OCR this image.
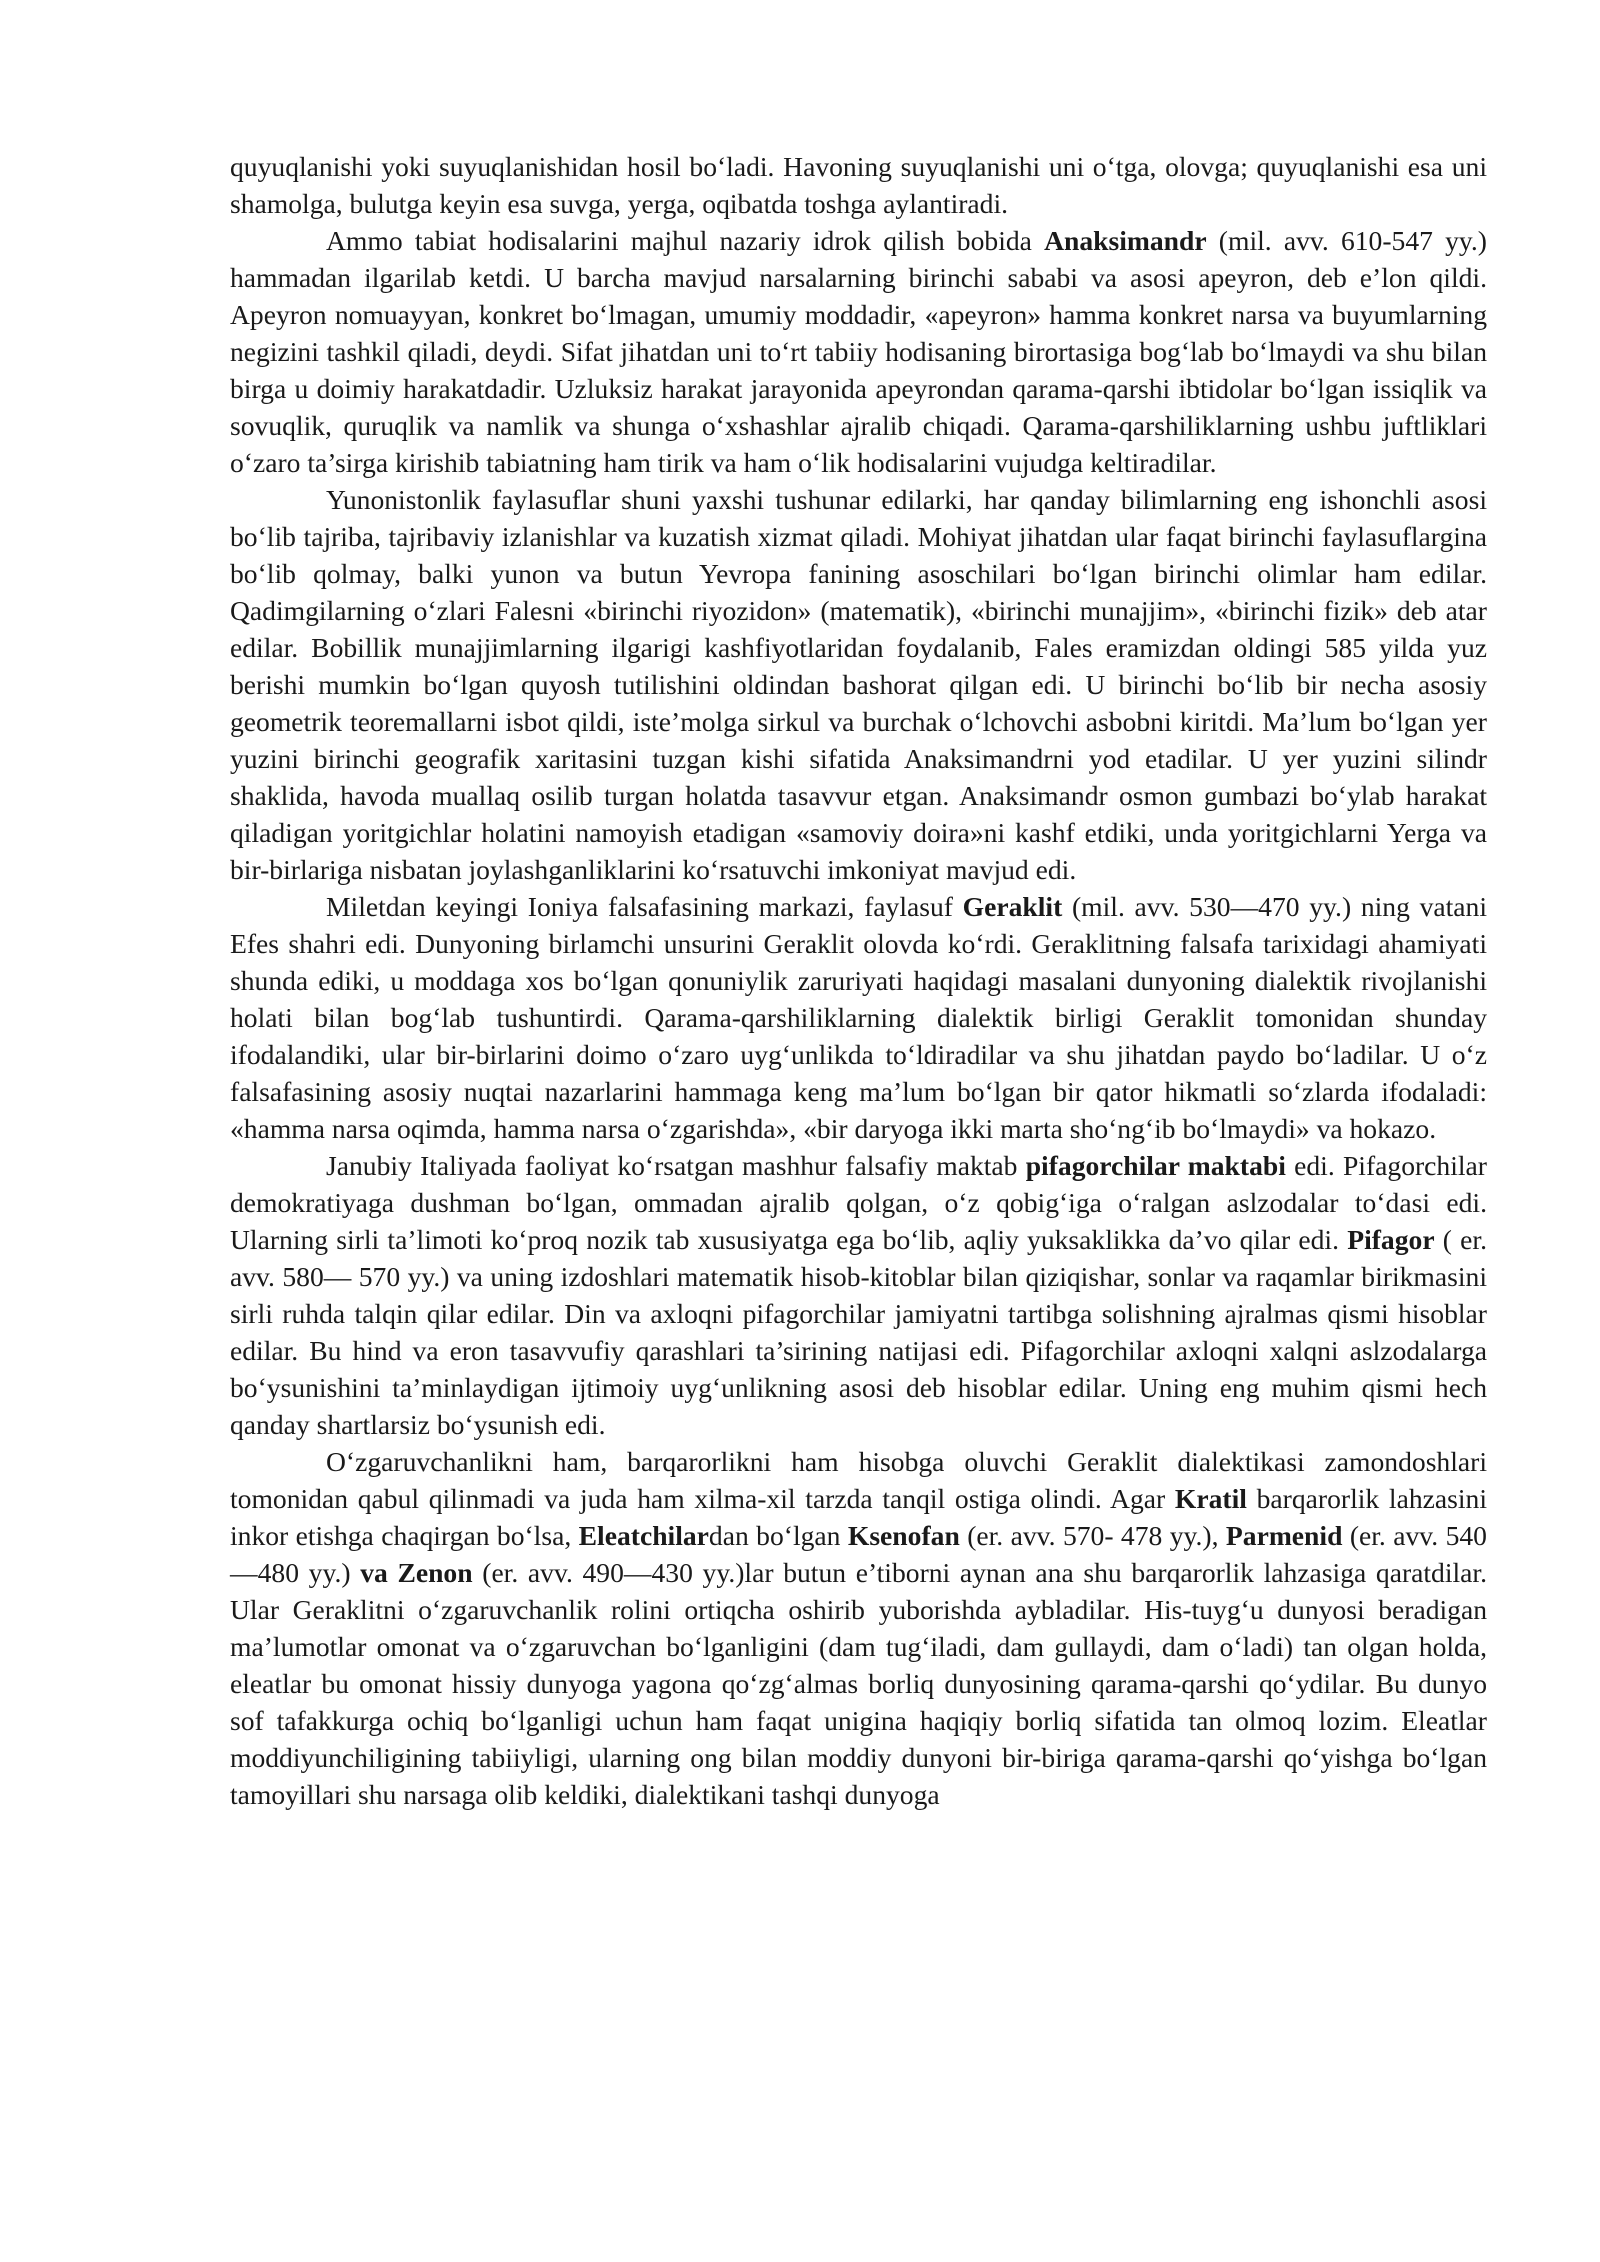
quyuqlanishi yoki suyuqlanishidan hosil bo‘ladi. Havoning suyuqlanishi uni o‘tga, olovga; quyuqlanishi esa uni shamolga, bulutga keyin esa suvga, yerga, oqibatda toshga aylantiradi.

Ammo tabiat hodisalarini majhul nazariy idrok qilish bobida Anaksimandr (mil. avv. 610-547 yy.) hammadan ilgarilab ketdi. U barcha mavjud narsalarning birinchi sababi va asosi apeyron, deb e’lon qildi. Apeyron nomuayyan, konkret bo‘lmagan, umumiy moddadir, «apeyron» hamma konkret narsa va buyumlarning negizini tashkil qiladi, deydi. Sifat jihatdan uni to‘rt tabiiy hodisaning birortasiga bog‘lab bo‘lmaydi va shu bilan birga u doimiy harakatdadir. Uzluksiz harakat jarayonida apeyrondan qarama-qarshi ibtidolar bo‘lgan issiqlik va sovuqlik, quruqlik va namlik va shunga o‘xshashlar ajralib chiqadi. Qarama-qarshiliklarning ushbu juftliklari o‘zaro ta’sirga kirishib tabiatning ham tirik va ham o‘lik hodisalarini vujudga keltiradilar.

Yunonistonlik faylasuflar shuni yaxshi tushunar edilarki, har qanday bilimlarning eng ishonchli asosi bo‘lib tajriba, tajribaviy izlanishlar va kuzatish xizmat qiladi. Mohiyat jihatdan ular faqat birinchi faylasuflargina bo‘lib qolmay, balki yunon va butun Yevropa fanining asoschilari bo‘lgan birinchi olimlar ham edilar. Qadimgilarning o‘zlari Falesni «birinchi riyozidon» (matematik), «birinchi munajjim», «birinchi fizik» deb atar edilar. Bobillik munajjimlarning ilgarigi kashfiyotlaridan foydalanib, Fales eramizdan oldingi 585 yilda yuz berishi mumkin bo‘lgan quyosh tutilishini oldindan bashorat qilgan edi. U birinchi bo‘lib bir necha asosiy geometrik teoremallarni isbot qildi, iste’molga sirkul va burchak o‘lchovchi asbobni kiritdi. Ma’lum bo‘lgan yer yuzini birinchi geografik xaritasini tuzgan kishi sifatida Anaksimandrni yod etadilar. U yer yuzini silindr shaklida, havoda muallaq osilib turgan holatda tasavvur etgan. Anaksimandr osmon gumbazi bo‘ylab harakat qiladigan yoritgichlar holatini namoyish etadigan «samoviy doira»ni kashf etdiki, unda yoritgichlarni Yerga va bir-birlariga nisbatan joylashganliklarini ko‘rsatuvchi imkoniyat mavjud edi.

Miletdan keyingi Ioniya falsafasining markazi, faylasuf Geraklit (mil. avv. 530—470 yy.) ning vatani Efes shahri edi. Dunyoning birlamchi unsurini Geraklit olovda ko‘rdi. Geraklitning falsafa tarixidagi ahamiyati shunda ediki, u moddaga xos bo‘lgan qonuniylik zaruriyati haqidagi masalani dunyoning dialektik rivojlanishi holati bilan bog‘lab tushuntirdi. Qarama-qarshiliklarning dialektik birligi Geraklit tomonidan shunday ifodalandiki, ular bir-birlarini doimo o‘zaro uyg‘unlikda to‘ldiradilar va shu jihatdan paydo bo‘ladilar. U o‘z falsafasining asosiy nuqtai nazarlarini hammaga keng ma’lum bo‘lgan bir qator hikmatli so‘zlarda ifodaladi: «hamma narsa oqimda, hamma narsa o‘zgarishda», «bir daryoga ikki marta sho‘ng‘ib bo‘lmaydi» va hokazo.

Janubiy Italiyada faoliyat ko‘rsatgan mashhur falsafiy maktab pifagorchilar maktabi edi. Pifagorchilar demokratiyaga dushman bo‘lgan, ommadan ajralib qolgan, o‘z qobig‘iga o‘ralgan aslzodalar to‘dasi edi. Ularning sirli ta’limoti ko‘proq nozik tab xususiyatga ega bo‘lib, aqliy yuksaklikka da’vo qilar edi. Pifagor ( er. avv. 580— 570 yy.) va uning izdoshlari matematik hisob-kitoblar bilan qiziqishar, sonlar va raqamlar birikmasini sirli ruhda talqin qilar edilar. Din va axloqni pifagorchilar jamiyatni tartibga solishning ajralmas qismi hisoblar edilar. Bu hind va eron tasavvufiy qarashlari ta’sirining natijasi edi. Pifagorchilar axloqni xalqni aslzodalarga bo‘ysunishini ta’minlaydigan ijtimoiy uyg‘unlikning asosi deb hisoblar edilar. Uning eng muhim qismi hech qanday shartlarsiz bo‘ysunish edi.

O‘zgaruvchanlikni ham, barqarorlikni ham hisobga oluvchi Geraklit dialektikasi zamondoshlari tomonidan qabul qilinmadi va juda ham xilma-xil tarzda tanqil ostiga olindi. Agar Kratil barqarorlik lahzasini inkor etishga chaqirgan bo‘lsa, Eleatchilardan bo‘lgan Ksenofan (er. avv. 570- 478 yy.), Parmenid (er. avv. 540—480 yy.) va Zenon (er. avv. 490—430 yy.)lar butun e’tiborni aynan ana shu barqarorlik lahzasiga qaratdilar. Ular Geraklitni o‘zgaruvchanlik rolini ortiqcha oshirib yuborishda aybladilar. His-tuyg‘u dunyosi beradigan ma’lumotlar omonat va o‘zgaruvchan bo‘lganligini (dam tug‘iladi, dam gullaydi, dam o‘ladi) tan olgan holda, eleatlar bu omonat hissiy dunyoga yagona qo‘zg‘almas borliq dunyosining qarama-qarshi qo‘ydilar. Bu dunyo sof tafakkurga ochiq bo‘lganligi uchun ham faqat unigina haqiqiy borliq sifatida tan olmoq lozim. Eleatlar moddiyunchiligining tabiiyligi, ularning ong bilan moddiy dunyoni bir-biriga qarama-qarshi qo‘yishga bo‘lgan tamoyillari shu narsaga olib keldiki, dialektikani tashqi dunyoga
